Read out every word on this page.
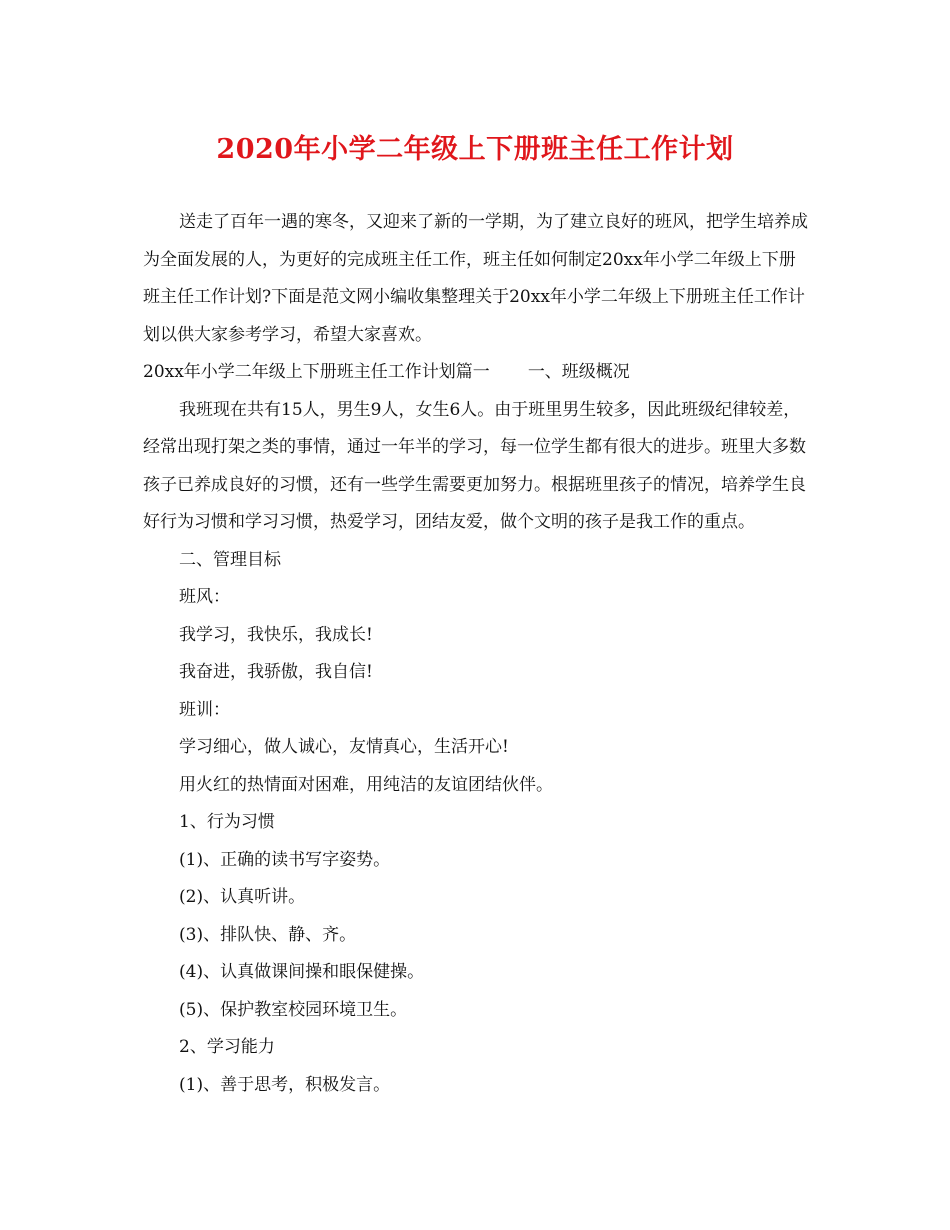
2020年小学二年级上下册班主任工作计划

送走了百年一遇的寒冬，又迎来了新的一学期，为了建立良好的班风，把学生培养成为全面发展的人，为更好的完成班主任工作，班主任如何制定20xx年小学二年级上下册班主任工作计划?下面是范文网小编收集整理关于20xx年小学二年级上下册班主任工作计划以供大家参考学习，希望大家喜欢。

20xx年小学二年级上下册班主任工作计划篇一 一、班级概况

我班现在共有15人，男生9人，女生6人。由于班里男生较多，因此班级纪律较差，经常出现打架之类的事情，通过一年半的学习，每一位学生都有很大的进步。班里大多数孩子已养成良好的习惯，还有一些学生需要更加努力。根据班里孩子的情况，培养学生良好行为习惯和学习习惯，热爱学习，团结友爱，做个文明的孩子是我工作的重点。

二、管理目标

班风：

我学习，我快乐，我成长!

我奋进，我骄傲，我自信!

班训：

学习细心，做人诚心，友情真心，生活开心!

用火红的热情面对困难，用纯洁的友谊团结伙伴。

1、行为习惯

(1)、正确的读书写字姿势。

(2)、认真听讲。

(3)、排队快、静、齐。

(4)、认真做课间操和眼保健操。

(5)、保护教室校园环境卫生。

2、学习能力

(1)、善于思考，积极发言。
